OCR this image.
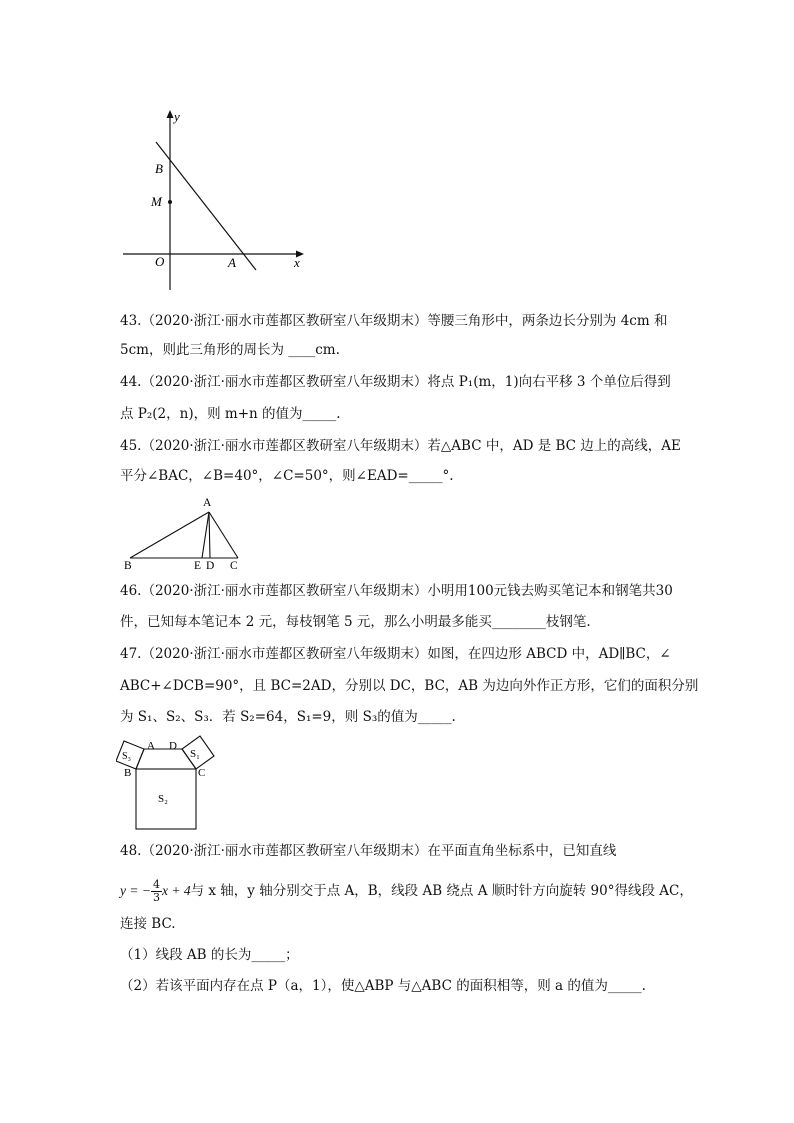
y
x
B
M
O	A
43.（2020·浙江·丽水市莲都区教研室八年级期末）等腰三角形中，两条边长分别为 4cm 和
5cm，则此三角形的周长为 ____cm.
44.（2020·浙江·丽水市莲都区教研室八年级期末）将点 P₁(m，1)向右平移 3 个单位后得到
点 P₂(2，n)，则 m+n 的值为_____.
45.（2020·浙江·丽水市莲都区教研室八年级期末）若△ABC 中，AD 是 BC 边上的高线，AE
平分∠BAC，∠B=40°，∠C=50°，则∠EAD=_____°.
A
B	E D C
46.（2020·浙江·丽水市莲都区教研室八年级期末）小明用100元钱去购买笔记本和钢笔共30
件，已知每本笔记本 2 元，每枝钢笔 5 元，那么小明最多能买________枝钢笔.
47.（2020·浙江·丽水市莲都区教研室八年级期末）如图，在四边形 ABCD 中，AD∥BC，∠
ABC+∠DCB=90°，且 BC=2AD，分别以 DC，BC，AB 为边向外作正方形，它们的面积分别
为 S₁、S₂、S₃．若 S₂=64，S₁=9，则 S₃的值为_____.
A D
B	C
S₁
S₂
S₃
48.（2020·浙江·丽水市莲都区教研室八年级期末）在平面直角坐标系中，已知直线
y = − $\frac{4}{3}$ x + 4与 x 轴，y 轴分别交于点 A，B，线段 AB 绕点 A 顺时针方向旋转 90°得线段 AC，
连接 BC.
（1）线段 AB 的长为_____；
（2）若该平面内存在点 P（a，1），使△ABP 与△ABC 的面积相等，则 a 的值为_____.
